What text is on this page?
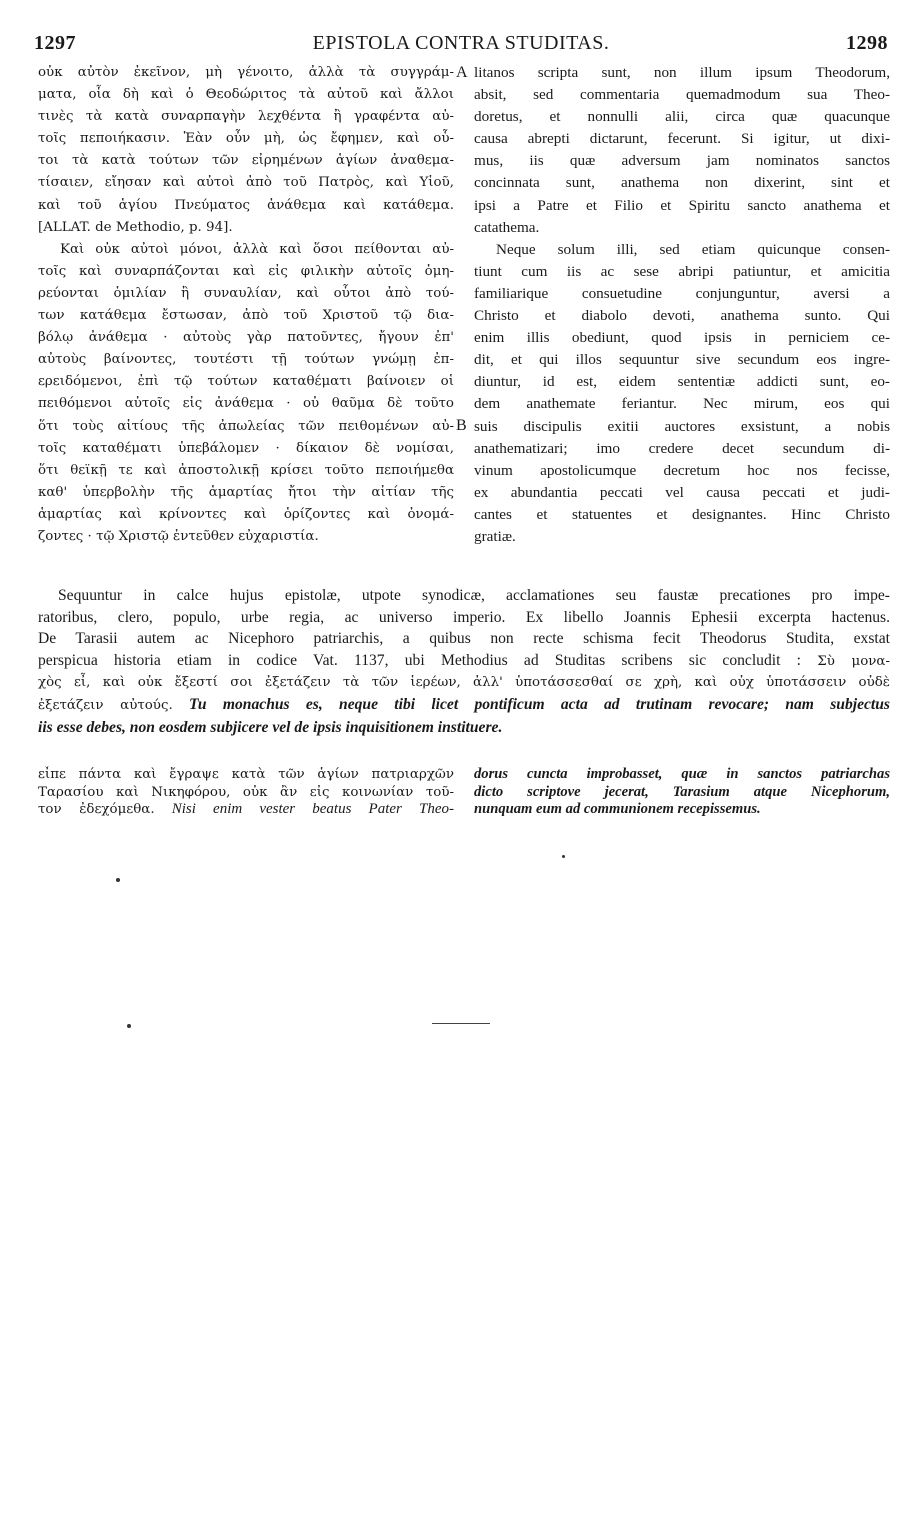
1297	EPISTOLA CONTRA STUDITAS.	1298
A
B

οὐκ αὐτὸν ἐκεῖνον, μὴ γένοιτο, ἀλλὰ τὰ συγγράμ-
ματα, οἷα δὴ καὶ ὁ Θεοδώριτος τὰ αὐτοῦ καὶ ἄλλοι
τινὲς τὰ κατὰ συναρπαγὴν λεχθέντα ἢ γραφέντα αὐ-
τοῖς πεποιήκασιν. Ἐὰν οὖν μὴ, ὡς ἔφημεν, καὶ οὗ-
τοι τὰ κατὰ τούτων τῶν εἰρημένων ἁγίων ἀναθεμα-
τίσαιεν, εἴησαν καὶ αὐτοὶ ἀπὸ τοῦ Πατρὸς, καὶ Υἱοῦ,
καὶ τοῦ ἁγίου Πνεύματος ἀνάθεμα καὶ κατάθεμα.
[ALLAT. de Methodio, p. 94].

Καὶ οὐκ αὐτοὶ μόνοι, ἀλλὰ καὶ ὅσοι πείθονται αὐ-
τοῖς καὶ συναρπάζονται καὶ εἰς φιλικὴν αὐτοῖς ὁμη-
ρεύονται ὁμιλίαν ἢ συναυλίαν, καὶ οὗτοι ἀπὸ τού-
των κατάθεμα ἔστωσαν, ἀπὸ τοῦ Χριστοῦ τῷ δια-
βόλῳ ἀνάθεμα · αὐτοὺς γὰρ πατοῦντες, ἤγουν ἐπ'
αὐτοὺς βαίνοντες, τουτέστι τῇ τούτων γνώμῃ ἐπ-
ερειδόμενοι, ἐπὶ τῷ τούτων καταθέματι βαίνοιεν οἱ
πειθόμενοι αὐτοῖς εἰς ἀνάθεμα · οὐ θαῦμα δὲ τοῦτο
ὅτι τοὺς αἰτίους τῆς ἀπωλείας τῶν πειθομένων αὐ-
τοῖς καταθέματι ὑπεβάλομεν · δίκαιον δὲ νομίσαι,
ὅτι θεϊκῇ τε καὶ ἀποστολικῇ κρίσει τοῦτο πεποιήμεθα
καθ' ὑπερβολὴν τῆς ἁμαρτίας ἤτοι τὴν αἰτίαν τῆς
ἁμαρτίας καὶ κρίνοντες καὶ ὁρίζοντες καὶ ὀνομά-
ζοντες · τῷ Χριστῷ ἐντεῦθεν εὐχαριστία.

litanos scripta sunt, non illum ipsum Theodorum,
absit, sed commentaria quemadmodum sua Theo-
doretus, et nonnulli alii, circa quæ quacunque
causa abrepti dictarunt, fecerunt. Si igitur, ut dixi-
mus, iis quæ adversum jam nominatos sanctos
concinnata sunt, anathema non dixerint, sint et
ipsi a Patre et Filio et Spiritu sancto anathema et
catathema.

Neque solum illi, sed etiam quicunque consen-
tiunt cum iis ac sese abripi patiuntur, et amicitia
familiarique consuetudine conjunguntur, aversi a
Christo et diabolo devoti, anathema sunto. Qui
enim illis obediunt, quod ipsis in perniciem ce-
dit, et qui illos sequuntur sive secundum eos ingre-
diuntur, id est, eidem sententiæ addicti sunt, eo-
dem anathemate feriantur. Nec mirum, eos qui
suis discipulis exitii auctores exsistunt, a nobis
anathematizari; imo credere decet secundum di-
vinum apostolicumque decretum hoc nos fecisse,
ex abundantia peccati vel causa peccati et judi-
cantes et statuentes et designantes. Hinc Christo
gratiæ.

Sequuntur in calce hujus epistolæ, utpote synodicæ, acclamationes seu faustæ precationes pro impe-
ratoribus, clero, populo, urbe regia, ac universo imperio. Ex libello Joannis Ephesii excerpta hactenus.
De Tarasii autem ac Nicephoro patriarchis, a quibus non recte schisma fecit Theodorus Studita, exstat
perspicua historia etiam in codice Vat. 1137, ubi Methodius ad Studitas scribens sic concludit : Σὺ μονα-
χὸς εἶ, καὶ οὐκ ἔξεστί σοι ἐξετάζειν τὰ τῶν ἱερέων, ἀλλ' ὑποτάσσεσθαί σε χρὴ, καὶ οὐχ ὑποτάσσειν οὐδὲ
ἐξετάζειν αὐτούς. Tu monachus es, neque tibi licet pontificum acta ad trutinam revocare; nam subjectus
iis esse debes, non eosdem subjicere vel de ipsis inquisitionem instituere.
εἶπε πάντα καὶ ἔγραψε κατὰ τῶν ἁγίων πατριαρχῶν
Ταρασίου καὶ Νικηφόρου, οὐκ ἂν εἰς κοινωνίαν τοῦ-
τον ἐδεχόμεθα. Nisi enim vester beatus Pater Theo-
dorus cuncta improbasset, quæ in sanctos patriarchas
dicto scriptove jecerat, Tarasium atque Nicephorum,
nunquam eum ad communionem recepissemus.
